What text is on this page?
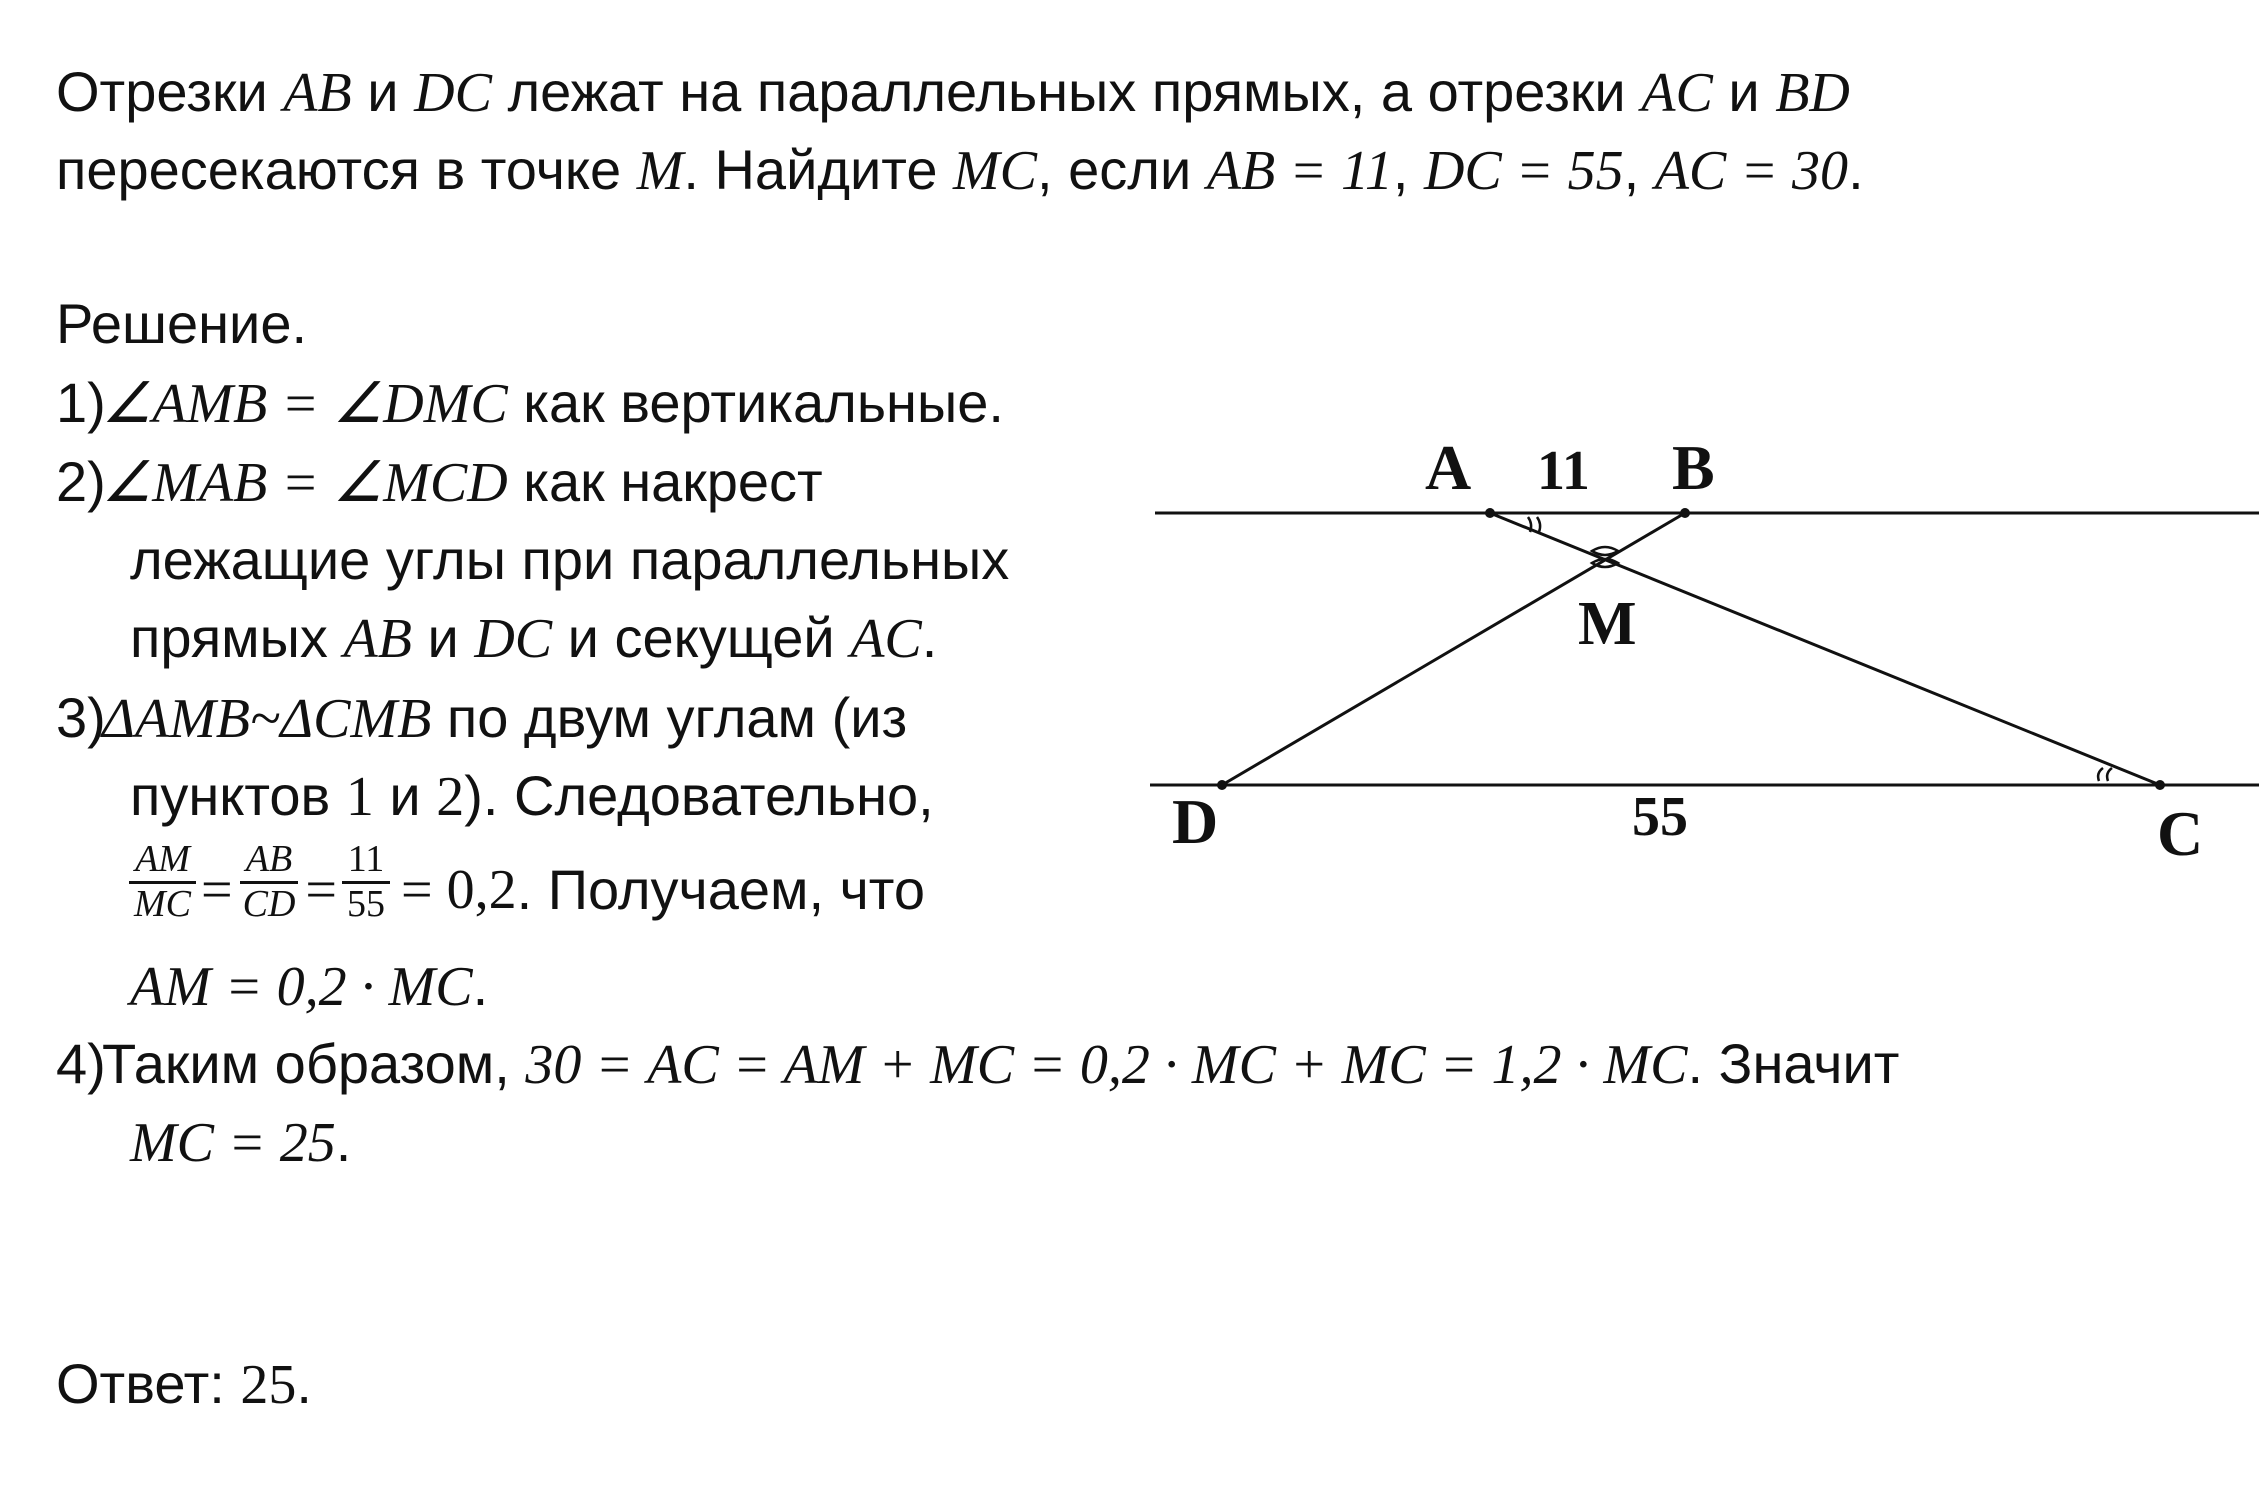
Отрезки AB и DC лежат на параллельных прямых, а отрезки AC и BD

пересекаются в точке M. Найдите MC, если AB = 11, DC = 55, AC = 30.

Решение.

1)∠AMB = ∠DMC как вертикальные.

2)∠MAB = ∠MCD как накрест

лежащие углы при параллельных

прямых AB и DC и секущей AC.

3)ΔAMB~ΔCMB по двум углам (из

пунктов 1 и 2). Следовательно,

$\frac{AM}{MC} = \frac{AB}{CD} = \frac{11}{55} = 0,2$ . Получаем, что

AM = 0,2 · MC.

4)Таким образом, 30 = AC = AM + MC = 0,2 · MC + MC = 1,2 · MC. Значит

MC = 25.

Ответ: 25.

A 11 B
M
D	55	C
